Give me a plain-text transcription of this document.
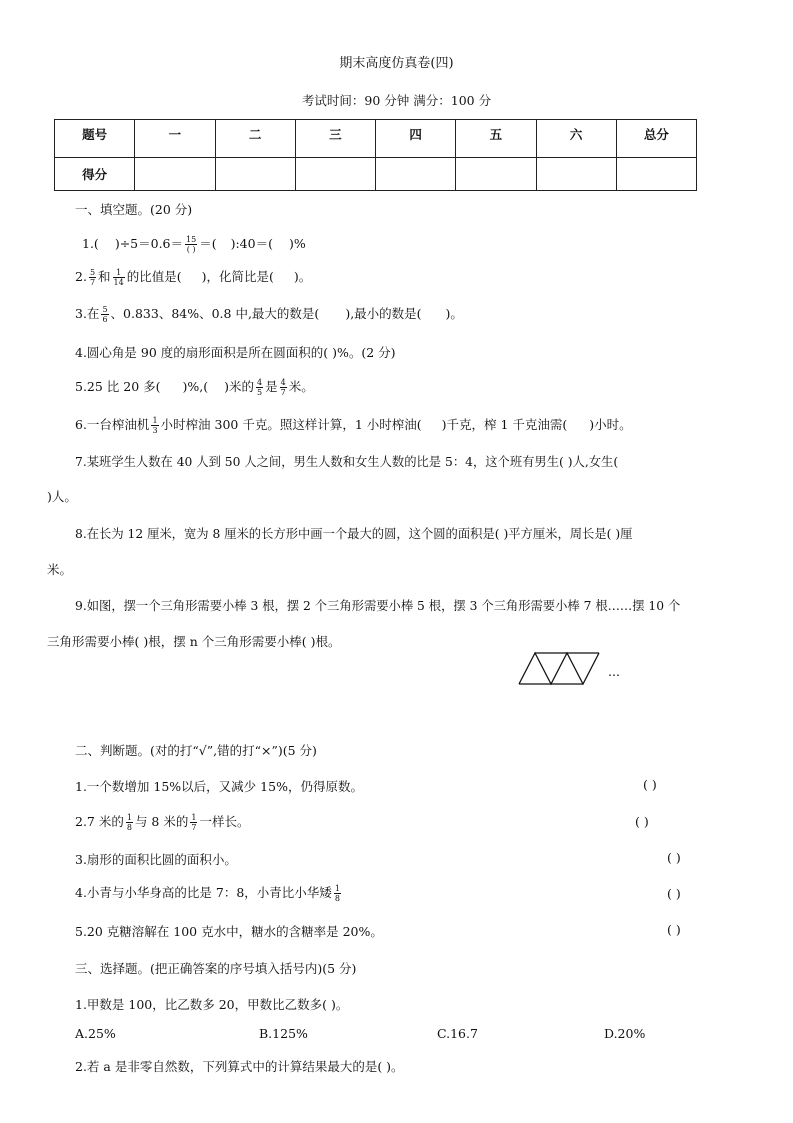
期末高度仿真卷(四)
考试时间：90 分钟 满分：100 分
题号	一	二	三	四	五	六	总分
得分							
一、填空题。(20 分)
1.( )$\div 5=0.6= \frac{15}{( )}$ ＝( ):40＝( )%
2. $\frac{5}{7}$ 和 $\frac{1}{14}$ 的比值是( )，化简比是( )。
3.在 $\frac{5}{6}$ 、0.833、84%、0.8 中,最大的数是( ),最小的数是( )。
4.圆心角是 90 度的扇形面积是所在圆面积的( )%。(2 分)
5.25 比 20 多( )%,( )米的 $\frac{4}{5}$ 是 $\frac{4}{7}$ 米。
6.一台榨油机 $\frac{1}{3}$ 小时榨油 300 千克。照这样计算，1 小时榨油( )千克，榨 1 千克油需( )小时。
7.某班学生人数在 40 人到 50 人之间，男生人数和女生人数的比是 5：4，这个班有男生( )人,女生(
)人。
8.在长为 12 厘米，宽为 8 厘米的长方形中画一个最大的圆，这个圆的面积是( )平方厘米，周长是( )厘
米。
9.如图，摆一个三角形需要小棒 3 根，摆 2 个三角形需要小棒 5 根，摆 3 个三角形需要小棒 7 根……摆 10 个
三角形需要小棒( )根，摆 n 个三角形需要小棒( )根。
…
二、判断题。(对的打“√”,错的打“×”)(5 分)
1.一个数增加 15%以后，又减少 15%，仍得原数。	( )
2.7 米的 $\frac{1}{8}$ 与 8 米的 $\frac{1}{7}$ 一样长。	( )
3.扇形的面积比圆的面积小。	( )
4.小青与小华身高的比是 7：8，小青比小华矮 $\frac{1}{8}$	( )
5.20 克糖溶解在 100 克水中，糖水的含糖率是 20%。	( )
三、选择题。(把正确答案的序号填入括号内)(5 分)
1.甲数是 100，比乙数多 20，甲数比乙数多( )。
A.25%	B.125%	C.16.7	D.20%
2.若 a 是非零自然数，下列算式中的计算结果最大的是( )。
